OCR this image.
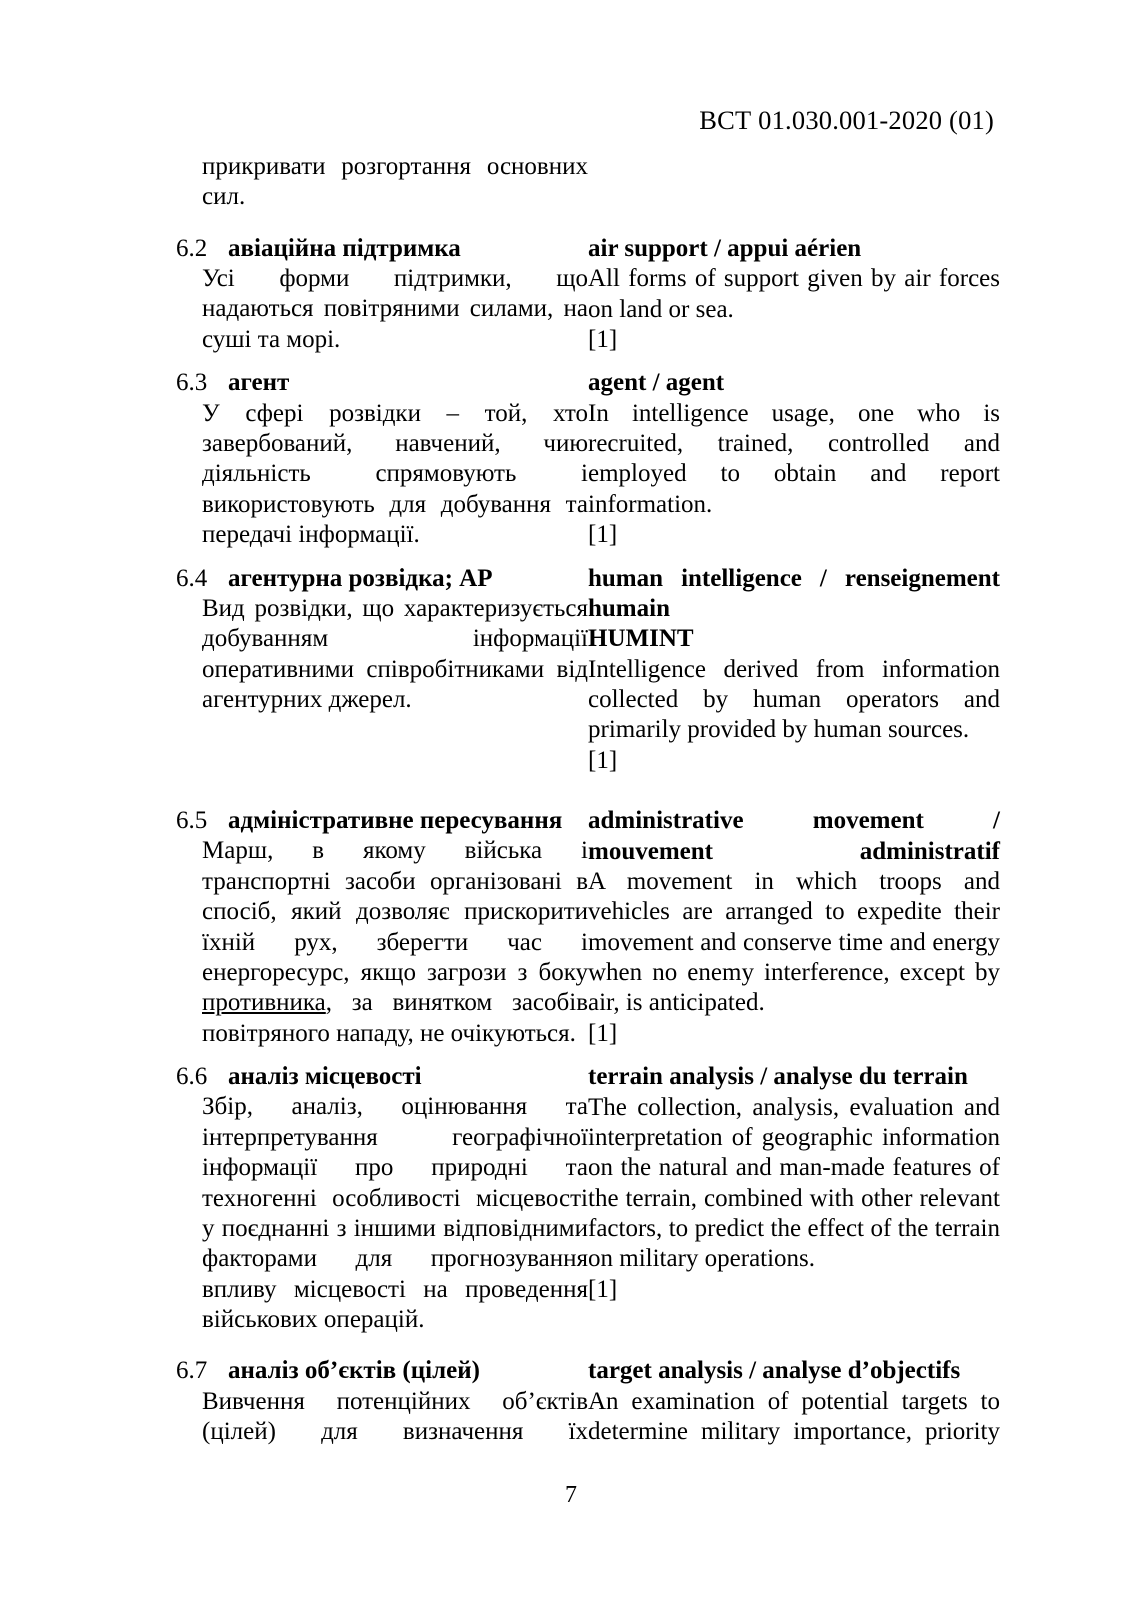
ВСТ 01.030.001-2020 (01)
прикривати розгортання основних сил.
6.2 авіаційна підтримка
Усі форми підтримки, що надаються повітряними силами, на суші та морі.
air support / appui aérien
All forms of support given by air forces on land or sea.
[1]
6.3 агент
У сфері розвідки – той, хто завербований, навчений, чию діяльність спрямовують і використовують для добування та передачі інформації.
agent / agent
In intelligence usage, one who is recruited, trained, controlled and employed to obtain and report information.
[1]
6.4 агентурна розвідка; АР
Вид розвідки, що характеризується добуванням інформації оперативними співробітниками від агентурних джерел.
human intelligence / renseignement humain
HUMINT
Intelligence derived from information collected by human operators and primarily provided by human sources.
[1]
6.5 адміністративне пересування
Марш, в якому війська і транспортні засоби організовані в спосіб, який дозволяє прискорити їхній рух, зберегти час і енергоресурс, якщо загрози з боку противника, за винятком засобів повітряного нападу, не очікуються.
administrative movement / mouvement administratif
A movement in which troops and vehicles are arranged to expedite their movement and conserve time and energy when no enemy interference, except by air, is anticipated.
[1]
6.6 аналіз місцевості
Збір, аналіз, оцінювання та інтерпретування географічної інформації про природні та техногенні особливості місцевості у поєднанні з іншими відповідними факторами для прогнозування впливу місцевості на проведення військових операцій.
terrain analysis / analyse du terrain
The collection, analysis, evaluation and interpretation of geographic information on the natural and man-made features of the terrain, combined with other relevant factors, to predict the effect of the terrain on military operations.
[1]
6.7 аналіз об’єктів (цілей)
Вивчення потенційних об’єктів (цілей) для визначення їх
target analysis / analyse d’objectifs
An examination of potential targets to determine military importance, priority
7
